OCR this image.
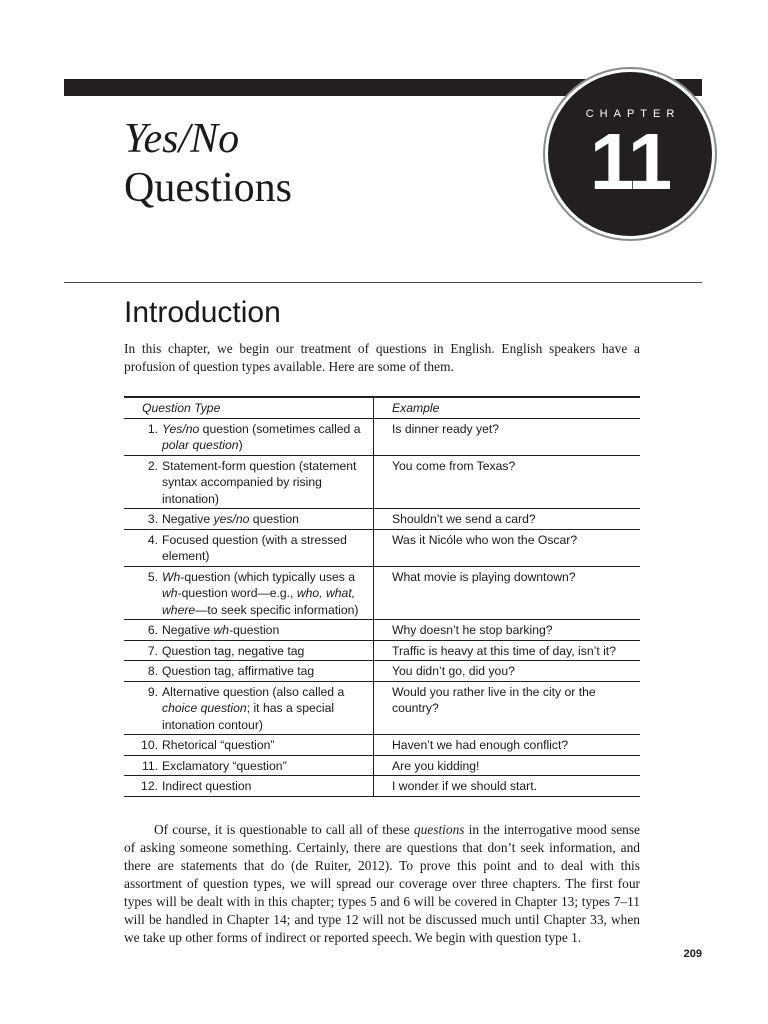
CHAPTER
11
Yes/No
Questions
Introduction

In this chapter, we begin our treatment of questions in English. English speakers have a profusion of question types available. Here are some of them.

Question Type	Example

1. Yes/no question (sometimes called a polar question)	Is dinner ready yet?

2. Statement-form question (statement syntax accompanied by rising intonation)	You come from Texas?

3. Negative yes/no question	Shouldn’t we send a card?

4. Focused question (with a stressed element)	Was it Nicóle who won the Oscar?

5. Wh-question (which typically uses a wh-question word—e.g., who, what, where—to seek specific information)	What movie is playing downtown?

6. Negative wh-question	Why doesn’t he stop barking?

7. Question tag, negative tag	Traffic is heavy at this time of day, isn’t it?

8. Question tag, affirmative tag	You didn’t go, did you?

9. Alternative question (also called a choice question; it has a special intonation contour)	Would you rather live in the city or the country?

10. Rhetorical “question”	Haven’t we had enough conflict?

11. Exclamatory “question”	Are you kidding!

12. Indirect question	I wonder if we should start.

Of course, it is questionable to call all of these questions in the interrogative mood sense of asking someone something. Certainly, there are questions that don’t seek information, and there are statements that do (de Ruiter, 2012). To prove this point and to deal with this assortment of question types, we will spread our coverage over three chapters. The first four types will be dealt with in this chapter; types 5 and 6 will be covered in Chapter 13; types 7–11 will be handled in Chapter 14; and type 12 will not be discussed much until Chapter 33, when we take up other forms of indirect or reported speech. We begin with question type 1.

209
